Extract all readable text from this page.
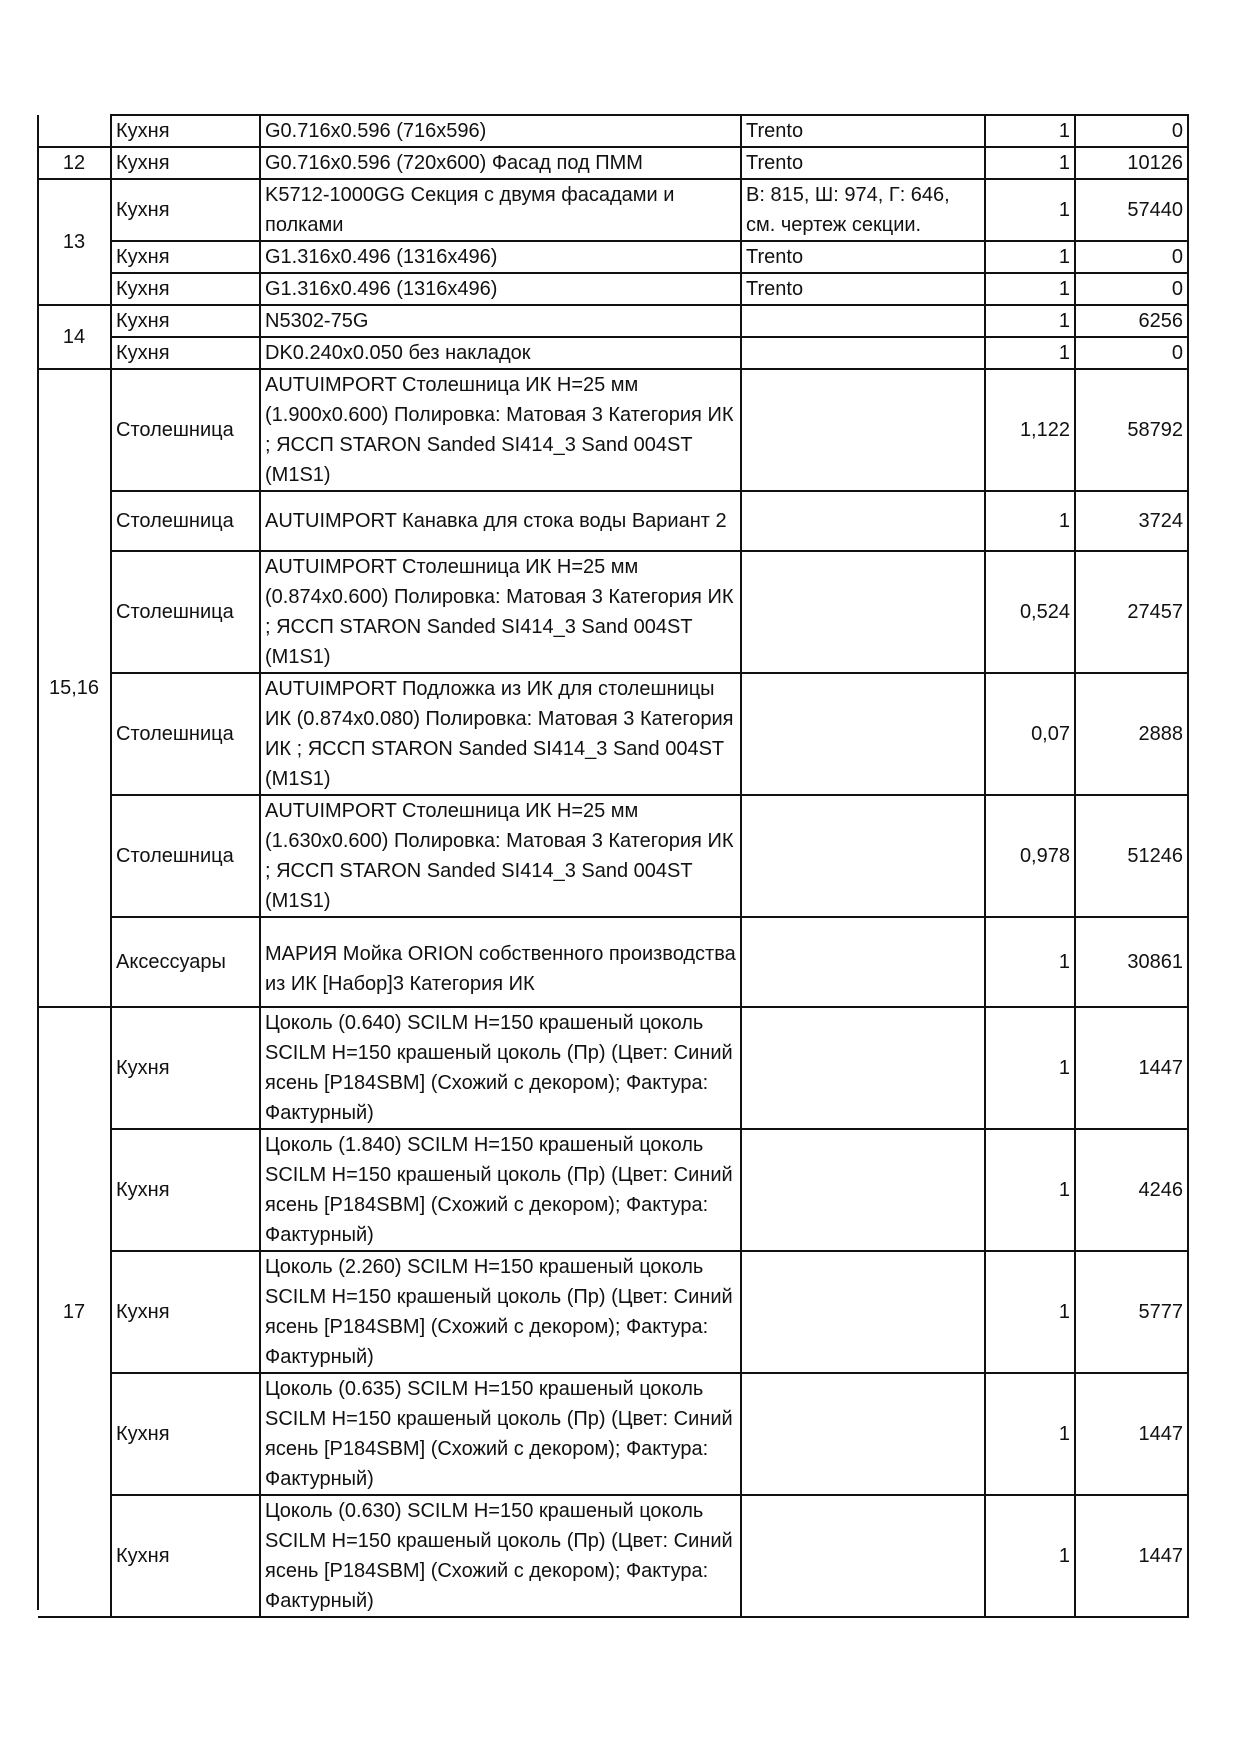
	Кухня	G0.716x0.596 (716x596)	Trento	1	0
12	Кухня	G0.716x0.596 (720x600) Фасад под ПММ	Trento	1	10126
13	Кухня	K5712-1000GG Секция с двумя фасадами и полками	В: 815, Ш: 974, Г: 646, см. чертеж секции.	1	57440
	Кухня	G1.316x0.496 (1316x496)	Trento	1	0
	Кухня	G1.316x0.496 (1316x496)	Trento	1	0
14	Кухня	N5302-75G		1	6256
	Кухня	DK0.240x0.050 без накладок		1	0
15,16	Столешница	AUTUIMPORT Столешница ИК H=25 мм (1.900x0.600) Полировка: Матовая 3 Категория ИК ; ЯССП STARON Sanded SI414_3 Sand 004ST (M1S1)		1,122	58792
	Столешница	AUTUIMPORT Канавка для стока воды Вариант 2		1	3724
	Столешница	AUTUIMPORT Столешница ИК H=25 мм (0.874x0.600) Полировка: Матовая 3 Категория ИК ; ЯССП STARON Sanded SI414_3 Sand 004ST (M1S1)		0,524	27457
	Столешница	AUTUIMPORT Подложка из ИК для столешницы ИК (0.874x0.080) Полировка: Матовая 3 Категория ИК ; ЯССП STARON Sanded SI414_3 Sand 004ST (M1S1)		0,07	2888
	Столешница	AUTUIMPORT Столешница ИК H=25 мм (1.630x0.600) Полировка: Матовая 3 Категория ИК ; ЯССП STARON Sanded SI414_3 Sand 004ST (M1S1)		0,978	51246
	Аксессуары	МАРИЯ Мойка ORION собственного производства из ИК [Набор]3 Категория ИК		1	30861
17	Кухня	Цоколь (0.640) SCILM H=150 крашеный цоколь SCILM H=150 крашеный цоколь (Пр) (Цвет: Синий ясень [P184SBM] (Схожий с декором); Фактура: Фактурный)		1	1447
	Кухня	Цоколь (1.840) SCILM H=150 крашеный цоколь SCILM H=150 крашеный цоколь (Пр) (Цвет: Синий ясень [P184SBM] (Схожий с декором); Фактура: Фактурный)		1	4246
	Кухня	Цоколь (2.260) SCILM H=150 крашеный цоколь SCILM H=150 крашеный цоколь (Пр) (Цвет: Синий ясень [P184SBM] (Схожий с декором); Фактура: Фактурный)		1	5777
	Кухня	Цоколь (0.635) SCILM H=150 крашеный цоколь SCILM H=150 крашеный цоколь (Пр) (Цвет: Синий ясень [P184SBM] (Схожий с декором); Фактура: Фактурный)		1	1447
	Кухня	Цоколь (0.630) SCILM H=150 крашеный цоколь SCILM H=150 крашеный цоколь (Пр) (Цвет: Синий ясень [P184SBM] (Схожий с декором); Фактура: Фактурный)		1	1447
